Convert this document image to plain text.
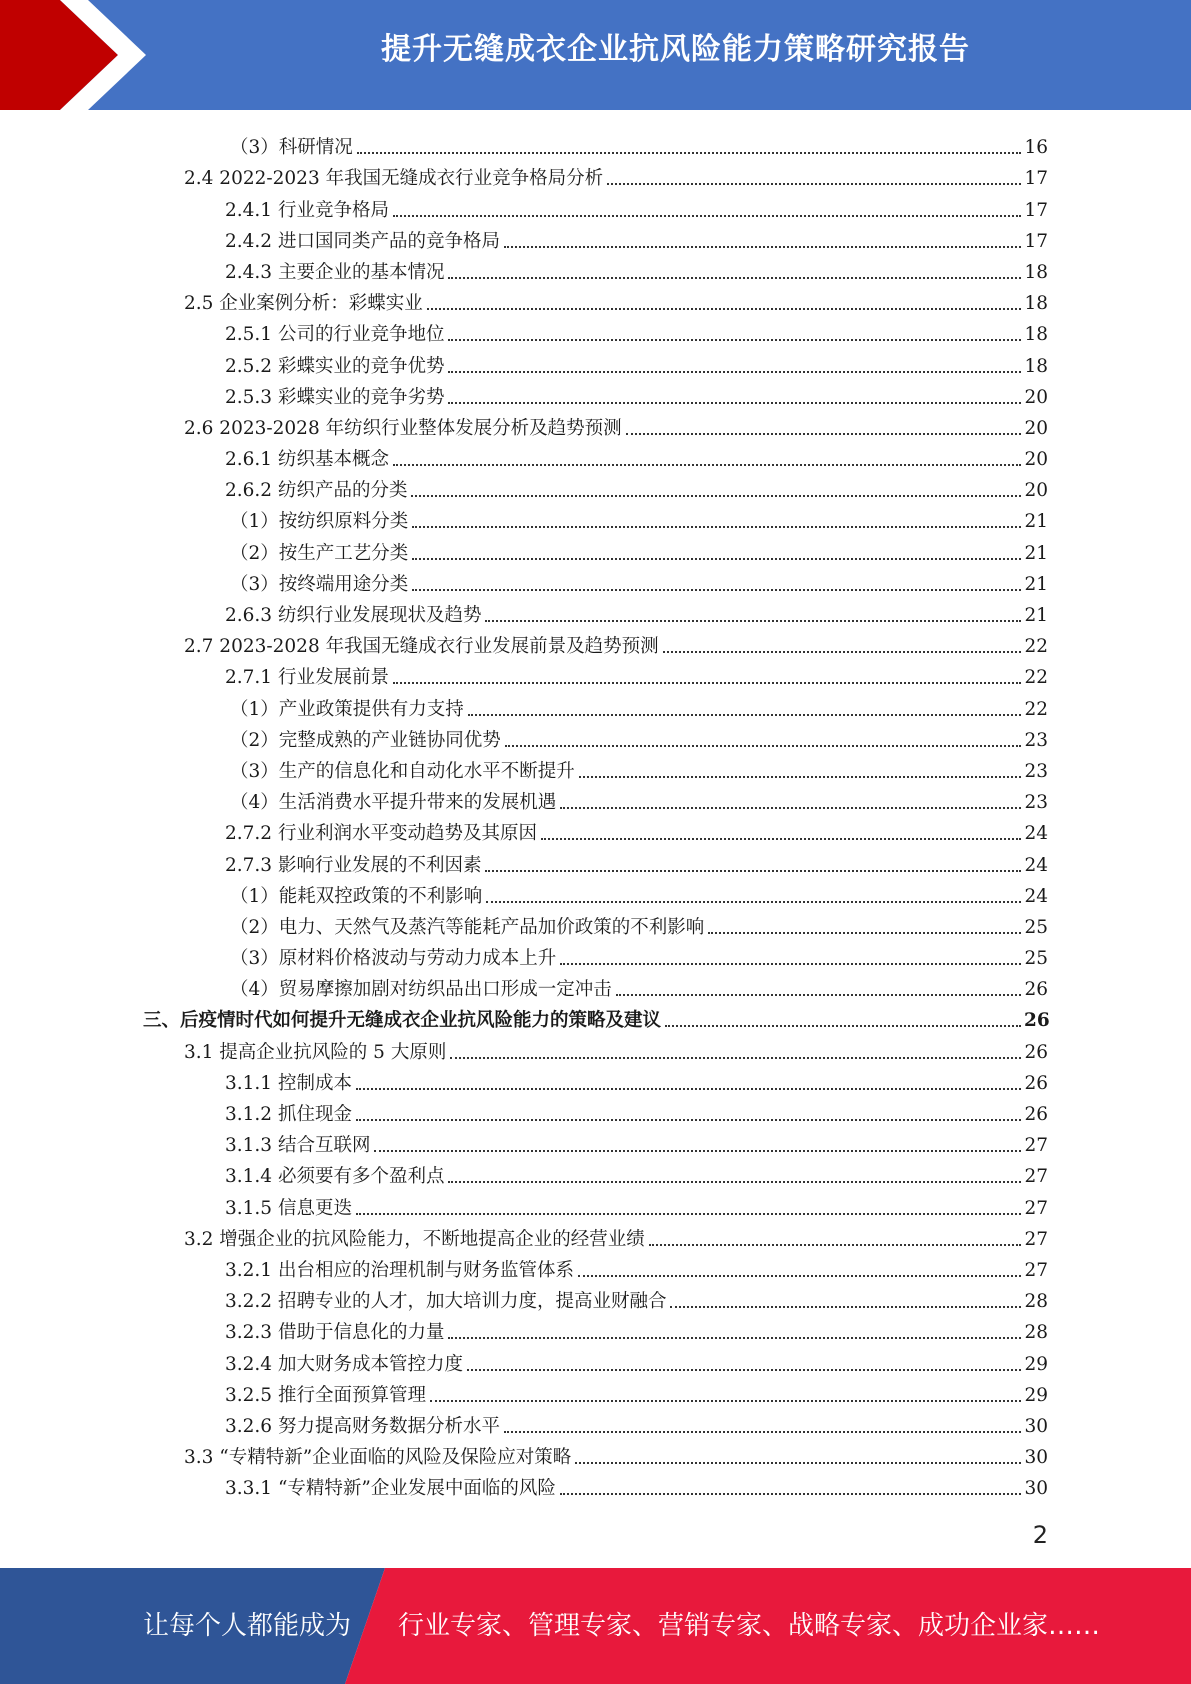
提升无缝成衣企业抗风险能力策略研究报告
（3）科研情况	16
2.4 2022-2023 年我国无缝成衣行业竞争格局分析	17
2.4.1 行业竞争格局	17
2.4.2 进口国同类产品的竞争格局	17
2.4.3 主要企业的基本情况	18
2.5 企业案例分析：彩蝶实业	18
2.5.1 公司的行业竞争地位	18
2.5.2 彩蝶实业的竞争优势	18
2.5.3 彩蝶实业的竞争劣势	20
2.6 2023-2028 年纺织行业整体发展分析及趋势预测	20
2.6.1 纺织基本概念	20
2.6.2 纺织产品的分类	20
（1）按纺织原料分类	21
（2）按生产工艺分类	21
（3）按终端用途分类	21
2.6.3 纺织行业发展现状及趋势	21
2.7 2023-2028 年我国无缝成衣行业发展前景及趋势预测	22
2.7.1 行业发展前景	22
（1）产业政策提供有力支持	22
（2）完整成熟的产业链协同优势	23
（3）生产的信息化和自动化水平不断提升	23
（4）生活消费水平提升带来的发展机遇	23
2.7.2 行业利润水平变动趋势及其原因	24
2.7.3 影响行业发展的不利因素	24
（1）能耗双控政策的不利影响	24
（2）电力、天然气及蒸汽等能耗产品加价政策的不利影响	25
（3）原材料价格波动与劳动力成本上升	25
（4）贸易摩擦加剧对纺织品出口形成一定冲击	26
三、后疫情时代如何提升无缝成衣企业抗风险能力的策略及建议	26
3.1 提高企业抗风险的 5 大原则	26
3.1.1 控制成本	26
3.1.2 抓住现金	26
3.1.3 结合互联网	27
3.1.4 必须要有多个盈利点	27
3.1.5 信息更迭	27
3.2 增强企业的抗风险能力，不断地提高企业的经营业绩	27
3.2.1 出台相应的治理机制与财务监管体系	27
3.2.2 招聘专业的人才，加大培训力度，提高业财融合	28
3.2.3 借助于信息化的力量	28
3.2.4 加大财务成本管控力度	29
3.2.5 推行全面预算管理	29
3.2.6 努力提高财务数据分析水平	30
3.3 “专精特新”企业面临的风险及保险应对策略	30
3.3.1 “专精特新”企业发展中面临的风险	30
2
让每个人都能成为 行业专家、管理专家、营销专家、战略专家、成功企业家……
